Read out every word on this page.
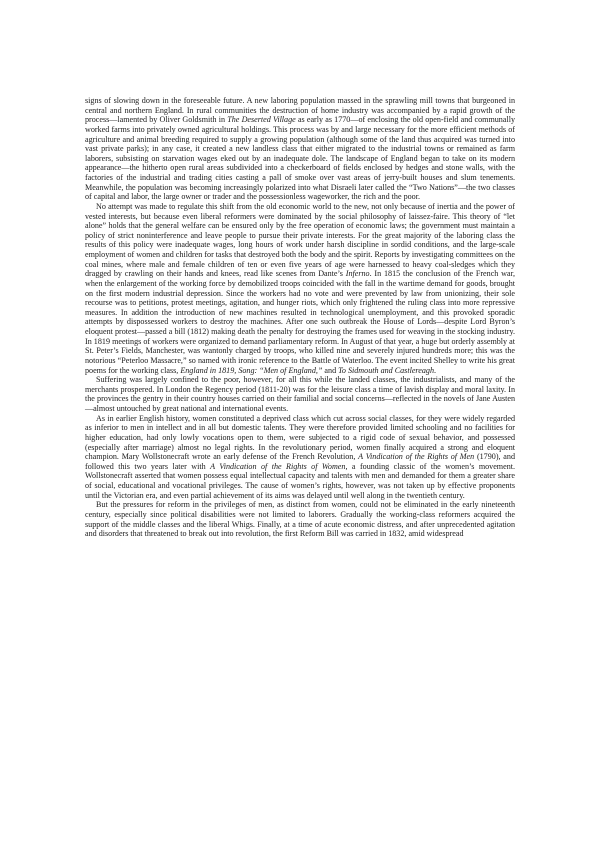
signs of slowing down in the foreseeable future. A new laboring population massed in the sprawling mill towns that burgeoned in central and northern England. In rural communities the destruction of home industry was accompanied by a rapid growth of the process—lamented by Oliver Goldsmith in The Deserted Village as early as 1770—of enclosing the old open-field and communally worked farms into privately owned agricultural holdings. This process was by and large necessary for the more efficient methods of agriculture and animal breeding required to supply a growing population (although some of the land thus acquired was turned into vast private parks); in any case, it created a new landless class that either migrated to the industrial towns or remained as farm laborers, subsisting on starvation wages eked out by an inadequate dole. The landscape of England began to take on its modern appearance—the hitherto open rural areas subdivided into a checkerboard of fields enclosed by hedges and stone walls, with the factories of the industrial and trading cities casting a pall of smoke over vast areas of jerry-built houses and slum tenements. Meanwhile, the population was becoming increasingly polarized into what Disraeli later called the “Two Nations”—the two classes of capital and labor, the large owner or trader and the possessionless wageworker, the rich and the poor.

No attempt was made to regulate this shift from the old economic world to the new, not only because of inertia and the power of vested interests, but because even liberal reformers were dominated by the social philosophy of laissez-faire. This theory of “let alone” holds that the general welfare can be ensured only by the free operation of economic laws; the government must maintain a policy of strict noninterference and leave people to pursue their private interests. For the great majority of the laboring class the results of this policy were inadequate wages, long hours of work under harsh discipline in sordid conditions, and the large-scale employment of women and children for tasks that destroyed both the body and the spirit. Reports by investigating committees on the coal mines, where male and female children of ten or even five years of age were harnessed to heavy coal-sledges which they dragged by crawling on their hands and knees, read like scenes from Dante’s Inferno. In 1815 the conclusion of the French war, when the enlargement of the working force by demobilized troops coincided with the fall in the wartime demand for goods, brought on the first modern industrial depression. Since the workers had no vote and were prevented by law from unionizing, their sole recourse was to petitions, protest meetings, agitation, and hunger riots, which only frightened the ruling class into more repressive measures. In addition the introduction of new machines resulted in technological unemployment, and this provoked sporadic attempts by dispossessed workers to destroy the machines. After one such outbreak the House of Lords—despite Lord Byron’s eloquent protest—passed a bill (1812) making death the penalty for destroying the frames used for weaving in the stocking industry. In 1819 meetings of workers were organized to demand parliamentary reform. In August of that year, a huge but orderly assembly at St. Peter’s Fields, Manchester, was wantonly charged by troops, who killed nine and severely injured hundreds more; this was the notorious “Peterloo Massacre,” so named with ironic reference to the Battle of Waterloo. The event incited Shelley to write his great poems for the working class, England in 1819, Song: “Men of England,” and To Sidmouth and Castlereagh.

Suffering was largely confined to the poor, however, for all this while the landed classes, the industrialists, and many of the merchants prospered. In London the Regency period (1811-20) was for the leisure class a time of lavish display and moral laxity. In the provinces the gentry in their country houses carried on their familial and social concerns—reflected in the novels of Jane Austen—almost untouched by great national and international events.

As in earlier English history, women constituted a deprived class which cut across social classes, for they were widely regarded as inferior to men in intellect and in all but domestic talents. They were therefore provided limited schooling and no facilities for higher education, had only lowly vocations open to them, were subjected to a rigid code of sexual behavior, and possessed (especially after marriage) almost no legal rights. In the revolutionary period, women finally acquired a strong and eloquent champion. Mary Wollstonecraft wrote an early defense of the French Revolution, A Vindication of the Rights of Men (1790), and followed this two years later with A Vindication of the Rights of Women, a founding classic of the women’s movement. Wollstonecraft asserted that women possess equal intellectual capacity and talents with men and demanded for them a greater share of social, educational and vocational privileges. The cause of women’s rights, however, was not taken up by effective proponents until the Victorian era, and even partial achievement of its aims was delayed until well along in the twentieth century.

But the pressures for reform in the privileges of men, as distinct from women, could not be eliminated in the early nineteenth century, especially since political disabilities were not limited to laborers. Gradually the working-class reformers acquired the support of the middle classes and the liberal Whigs. Finally, at a time of acute economic distress, and after unprecedented agitation and disorders that threatened to break out into revolution, the first Reform Bill was carried in 1832, amid widespread
